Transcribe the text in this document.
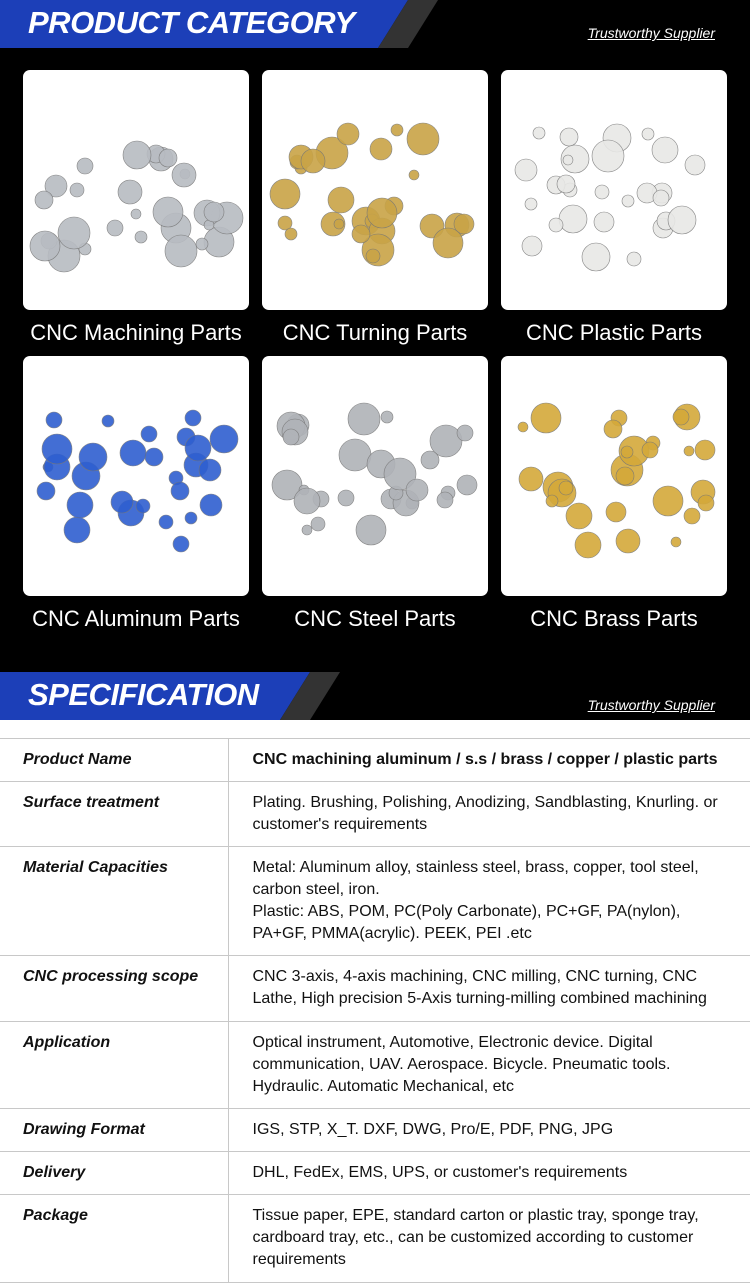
PRODUCT CATEGORY	Trustworthy Supplier
CNC Machining Parts	CNC Turning Parts	CNC Plastic Parts
CNC Aluminum Parts	CNC Steel Parts	CNC Brass Parts
SPECIFICATION	Trustworthy Supplier
Product Name	CNC machining aluminum / s.s / brass / copper / plastic parts

Surface treatment	Plating. Brushing, Polishing, Anodizing, Sandblasting, Knurling. or customer's requirements

Material Capacities	Metal: Aluminum alloy, stainless steel, brass, copper, tool steel, carbon steel, iron.
Plastic: ABS, POM, PC(Poly Carbonate), PC+GF, PA(nylon), PA+GF, PMMA(acrylic). PEEK, PEI .etc

CNC processing scope	CNC 3-axis, 4-axis machining, CNC milling, CNC turning, CNC Lathe, High precision 5-Axis turning-milling combined machining

Application	Optical instrument, Automotive, Electronic device. Digital communication, UAV. Aerospace. Bicycle. Pneumatic tools. Hydraulic. Automatic Mechanical, etc

Drawing Format	IGS, STP, X_T. DXF, DWG, Pro/E, PDF, PNG, JPG

Delivery	DHL, FedEx, EMS, UPS, or customer's requirements

Package	Tissue paper, EPE, standard carton or plastic tray, sponge tray, cardboard tray, etc., can be customized according to customer requirements
